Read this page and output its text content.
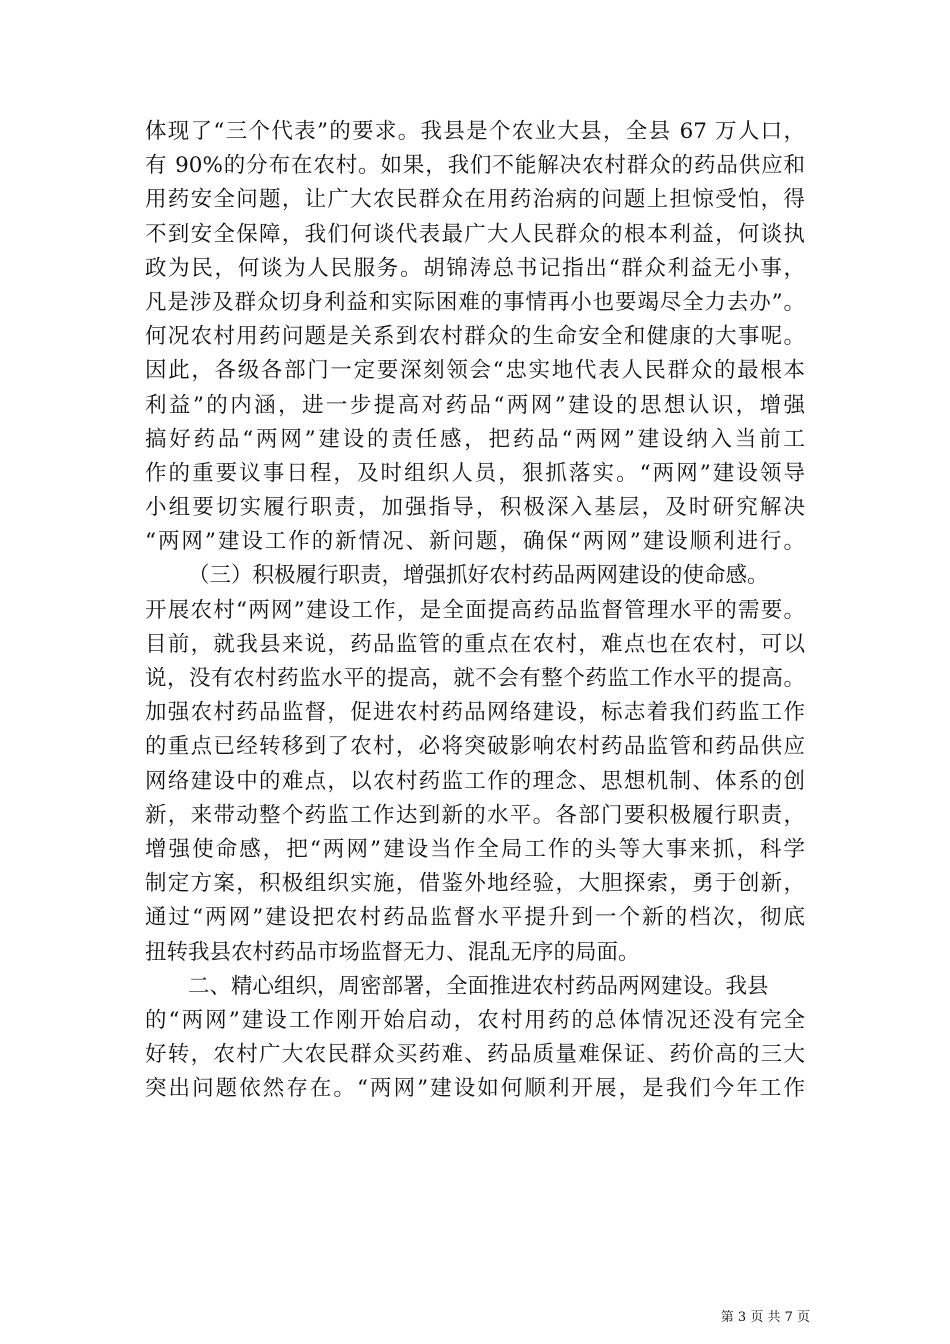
体现了“三个代表”的要求。我县是个农业大县，全县 67 万人口，
有 90%的分布在农村。如果，我们不能解决农村群众的药品供应和
用药安全问题，让广大农民群众在用药治病的问题上担惊受怕，得
不到安全保障，我们何谈代表最广大人民群众的根本利益，何谈执
政为民，何谈为人民服务。胡锦涛总书记指出“群众利益无小事，
凡是涉及群众切身利益和实际困难的事情再小也要竭尽全力去办”。
何况农村用药问题是关系到农村群众的生命安全和健康的大事呢。
因此，各级各部门一定要深刻领会“忠实地代表人民群众的最根本
利益”的内涵，进一步提高对药品“两网”建设的思想认识，增强
搞好药品“两网”建设的责任感，把药品“两网”建设纳入当前工
作的重要议事日程，及时组织人员，狠抓落实。“两网”建设领导
小组要切实履行职责，加强指导，积极深入基层，及时研究解决
“两网”建设工作的新情况、新问题，确保“两网”建设顺利进行。
（三）积极履行职责，增强抓好农村药品两网建设的使命感。
开展农村“两网”建设工作，是全面提高药品监督管理水平的需要。
目前，就我县来说，药品监管的重点在农村，难点也在农村，可以
说，没有农村药监水平的提高，就不会有整个药监工作水平的提高。
加强农村药品监督，促进农村药品网络建设，标志着我们药监工作
的重点已经转移到了农村，必将突破影响农村药品监管和药品供应
网络建设中的难点，以农村药监工作的理念、思想机制、体系的创
新，来带动整个药监工作达到新的水平。各部门要积极履行职责，
增强使命感，把“两网”建设当作全局工作的头等大事来抓，科学
制定方案，积极组织实施，借鉴外地经验，大胆探索，勇于创新，
通过“两网”建设把农村药品监督水平提升到一个新的档次，彻底
扭转我县农村药品市场监督无力、混乱无序的局面。
二、精心组织，周密部署，全面推进农村药品两网建设。我县
的“两网”建设工作刚开始启动，农村用药的总体情况还没有完全
好转，农村广大农民群众买药难、药品质量难保证、药价高的三大
突出问题依然存在。“两网”建设如何顺利开展，是我们今年工作
第 3 页 共 7 页
